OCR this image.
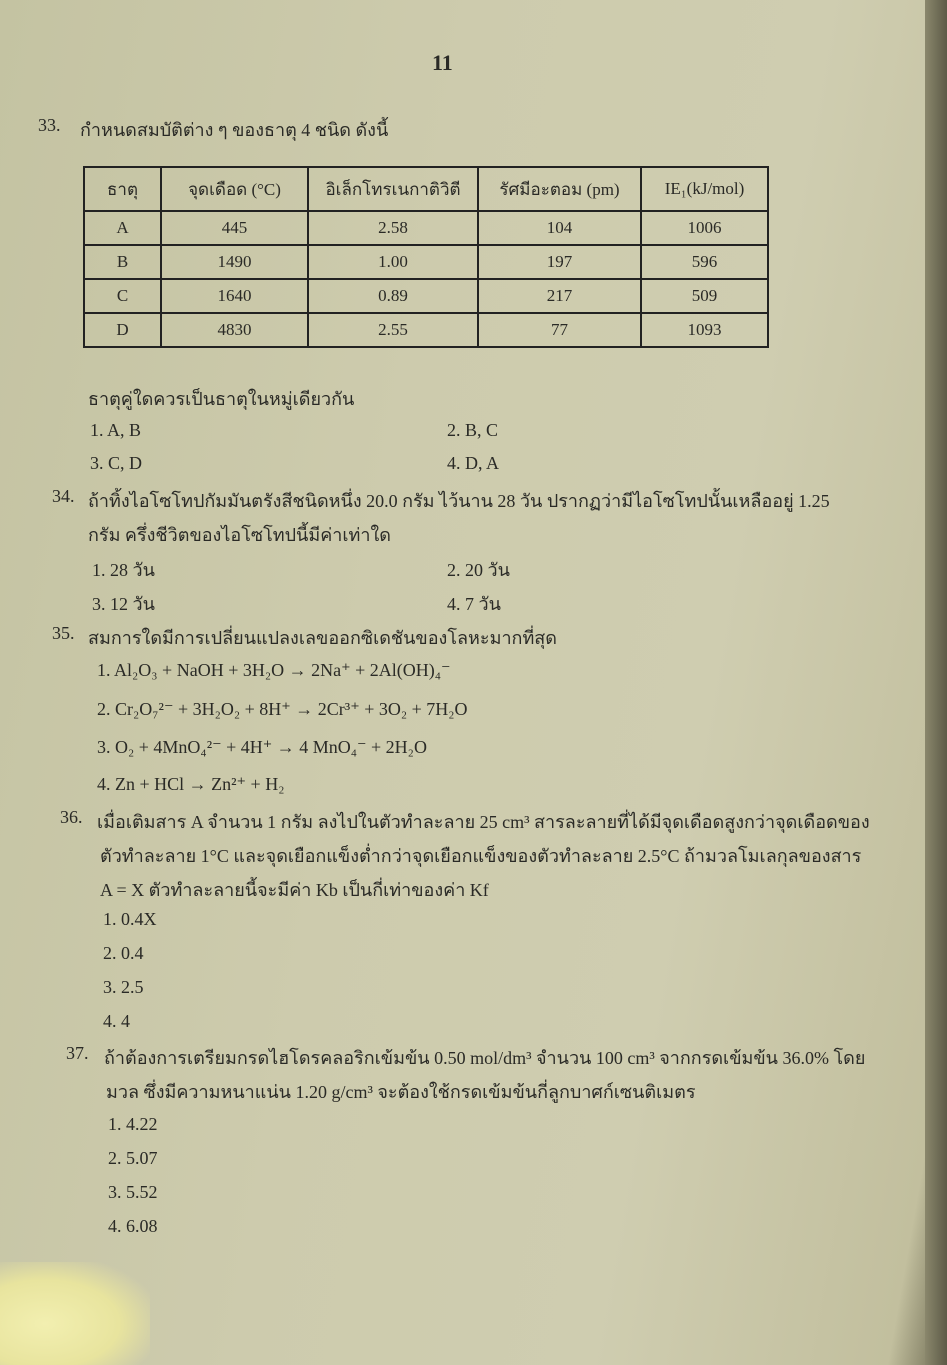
11
33. กำหนดสมบัติต่าง ๆ ของธาตุ 4 ชนิด ดังนี้
ธาตุ	จุดเดือด (°C)	อิเล็กโทรเนกาติวิตี	รัศมีอะตอม (pm)	IE₁(kJ/mol)
A	445	2.58	104	1006
B	1490	1.00	197	596
C	1640	0.89	217	509
D	4830	2.55	77	1093
ธาตุคู่ใดควรเป็นธาตุในหมู่เดียวกัน
1. A, B	2. B, C
3. C, D	4. D, A
34. ถ้าทิ้งไอโซโทปกัมมันตรังสีชนิดหนึ่ง 20.0 กรัม ไว้นาน 28 วัน ปรากฏว่ามีไอโซโทปนั้นเหลืออยู่ 1.25
กรัม ครึ่งชีวิตของไอโซโทปนี้มีค่าเท่าใด
1. 28 วัน	2. 20 วัน
3. 12 วัน	4. 7 วัน
35. สมการใดมีการเปลี่ยนแปลงเลขออกซิเดชันของโลหะมากที่สุด
1. Al₂O₃ + NaOH + 3H₂O → 2Na⁺ + 2Al(OH)₄⁻
2. Cr₂O₇²⁻ + 3H₂O₂ + 8H⁺ → 2Cr³⁺ + 3O₂ + 7H₂O
3. O₂ + 4MnO₄²⁻ + 4H⁺ → 4 MnO₄⁻ + 2H₂O
4. Zn + HCl → Zn²⁺ + H₂
36. เมื่อเติมสาร A จำนวน 1 กรัม ลงไปในตัวทำละลาย 25 cm³ สารละลายที่ได้มีจุดเดือดสูงกว่าจุดเดือดของ
ตัวทำละลาย 1°C และจุดเยือกแข็งต่ำกว่าจุดเยือกแข็งของตัวทำละลาย 2.5°C ถ้ามวลโมเลกุลของสาร
A = X ตัวทำละลายนี้จะมีค่า Kb เป็นกี่เท่าของค่า Kf
1. 0.4X
2. 0.4
3. 2.5
4. 4
37. ถ้าต้องการเตรียมกรดไฮโดรคลอริกเข้มข้น 0.50 mol/dm³ จำนวน 100 cm³ จากกรดเข้มข้น 36.0% โดย
มวล ซึ่งมีความหนาแน่น 1.20 g/cm³ จะต้องใช้กรดเข้มข้นกี่ลูกบาศก์เซนติเมตร
1. 4.22
2. 5.07
3. 5.52
4. 6.08
